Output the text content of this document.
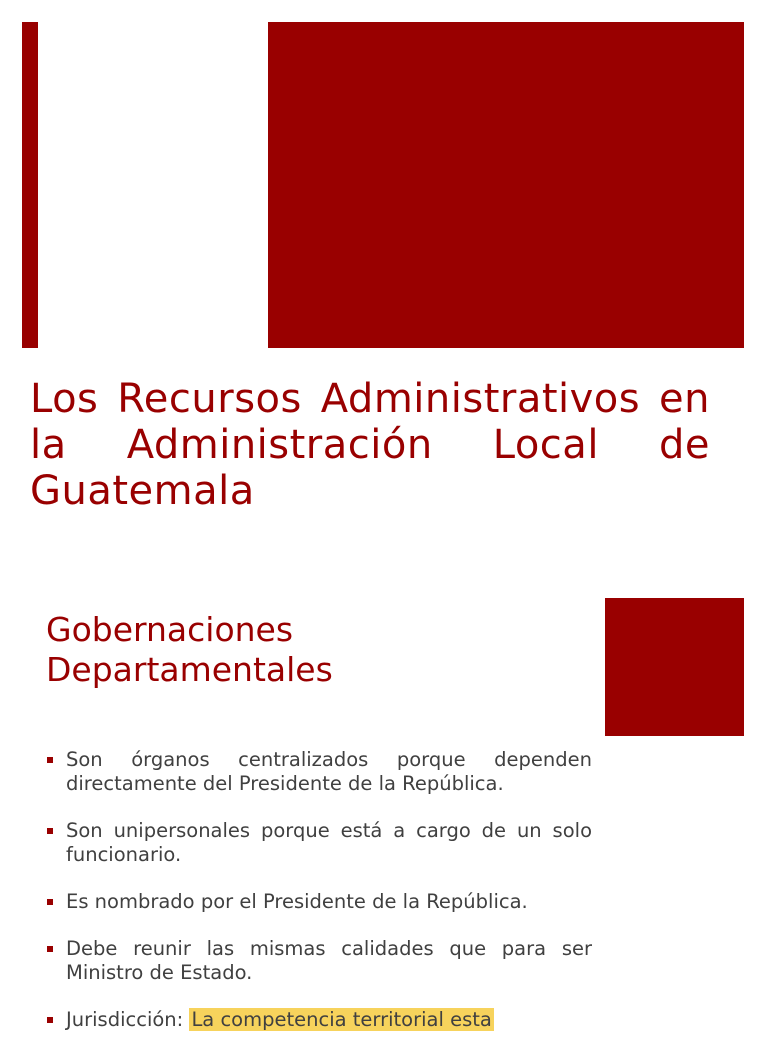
Los Recursos Administrativos en la Administración Local de Guatemala
Gobernaciones Departamentales
Son órganos centralizados porque dependen directamente del Presidente de la República.
Son unipersonales porque está a cargo de un solo funcionario.
Es nombrado por el Presidente de la República.
Debe reunir las mismas calidades que para ser Ministro de Estado.
Jurisdicción: La competencia territorial esta
